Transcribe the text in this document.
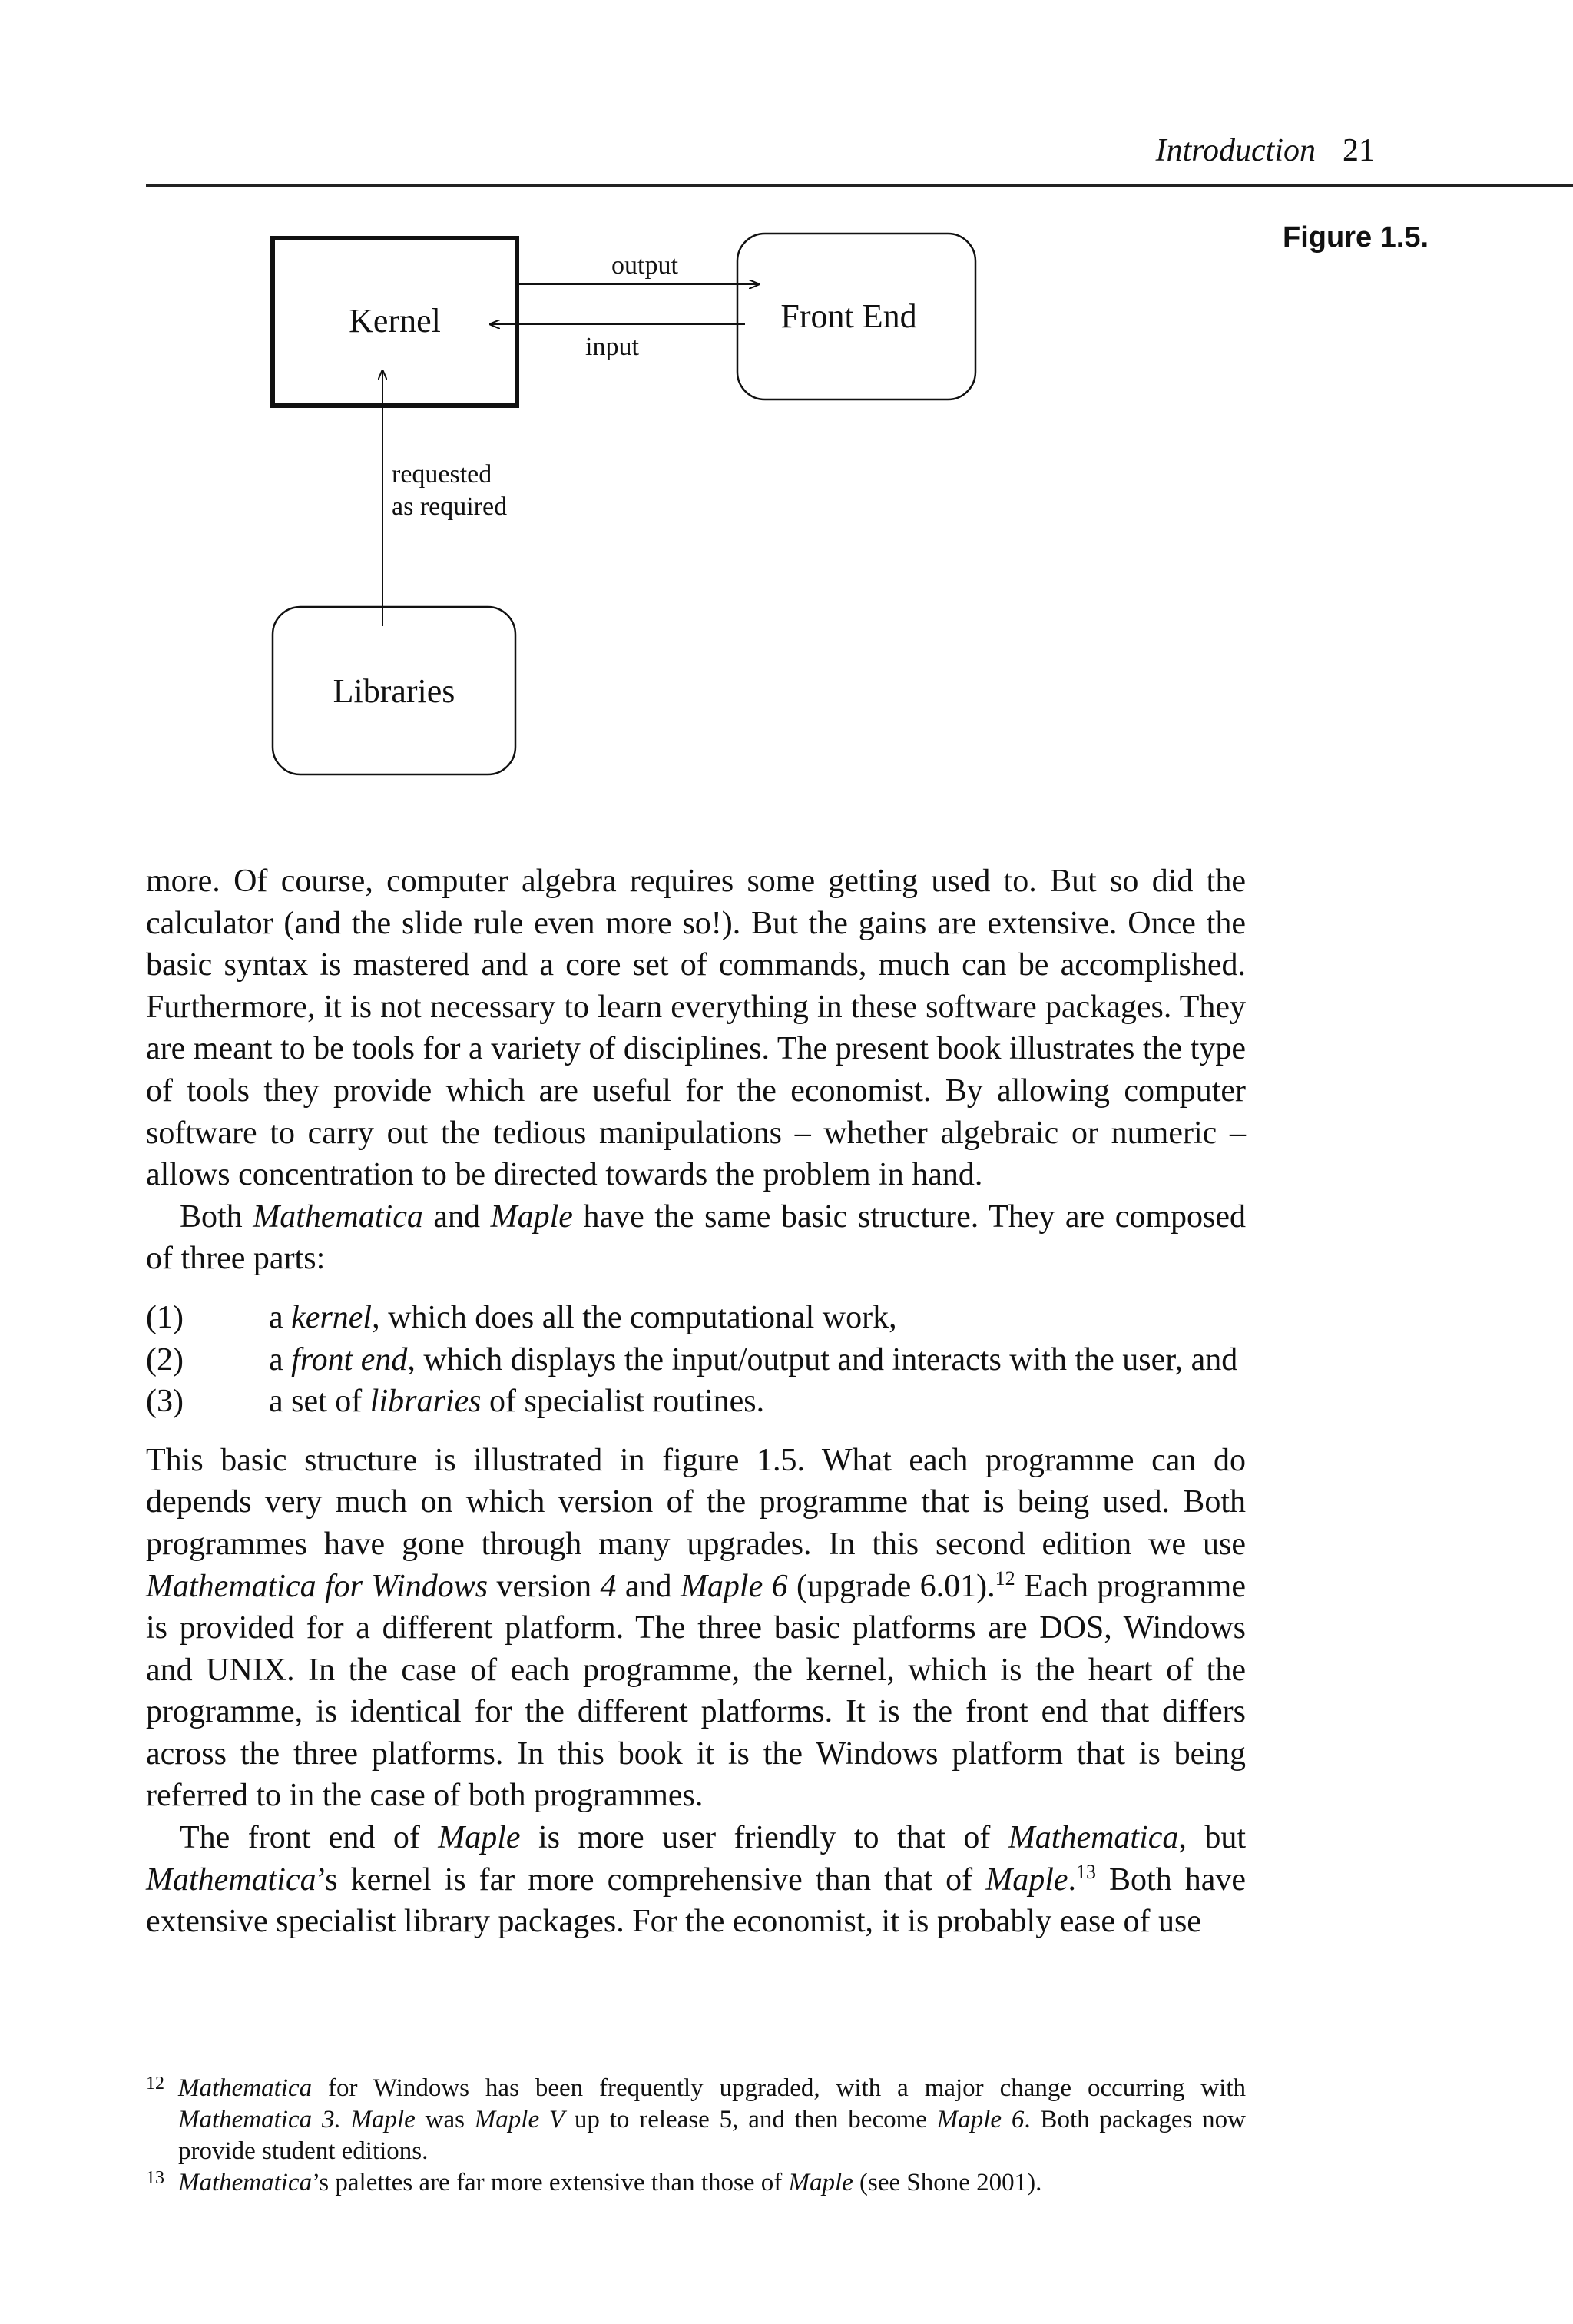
Introduction 21
Figure 1.5.
Kernel	Front End
Libraries
output
input
requested
as required

more. Of course, computer algebra requires some getting used to. But so did the calculator (and the slide rule even more so!). But the gains are extensive. Once the basic syntax is mastered and a core set of commands, much can be accomplished. Furthermore, it is not necessary to learn everything in these software packages. They are meant to be tools for a variety of disciplines. The present book illustrates the type of tools they provide which are useful for the economist. By allowing computer software to carry out the tedious manipulations – whether algebraic or numeric – allows concentration to be directed towards the problem in hand.

Both Mathematica and Maple have the same basic structure. They are composed of three parts:

(1)	a kernel, which does all the computational work,
(2)	a front end, which displays the input/output and interacts with the user, and
(3)	a set of libraries of specialist routines.

This basic structure is illustrated in figure 1.5. What each programme can do depends very much on which version of the programme that is being used. Both programmes have gone through many upgrades. In this second edition we use Mathematica for Windows version 4 and Maple 6 (upgrade 6.01).$^{12}$ Each programme is provided for a different platform. The three basic platforms are DOS, Windows and UNIX. In the case of each programme, the kernel, which is the heart of the programme, is identical for the different platforms. It is the front end that differs across the three platforms. In this book it is the Windows platform that is being referred to in the case of both programmes.

The front end of Maple is more user friendly to that of Mathematica, but Mathematica’s kernel is far more comprehensive than that of Maple.$^{13}$ Both have extensive specialist library packages. For the economist, it is probably ease of use

12 Mathematica for Windows has been frequently upgraded, with a major change occurring with Mathematica 3. Maple was Maple V up to release 5, and then become Maple 6. Both packages now provide student editions.
13 Mathematica’s palettes are far more extensive than those of Maple (see Shone 2001).
